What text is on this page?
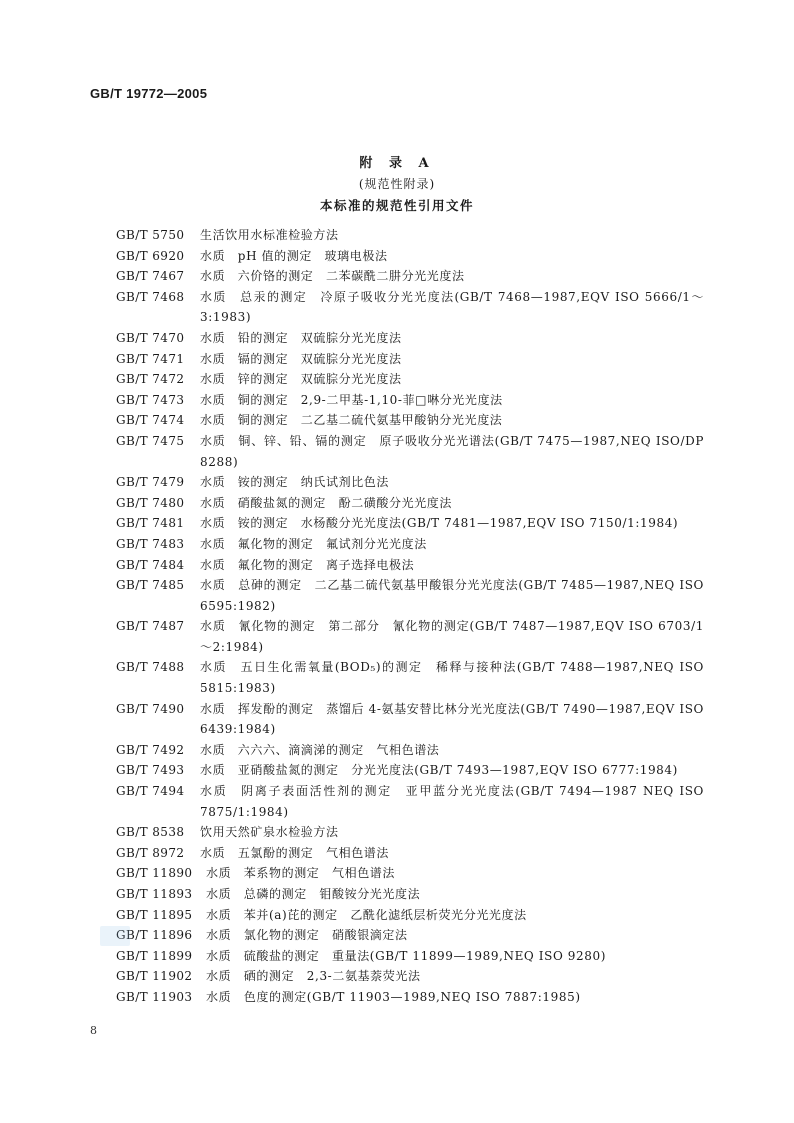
GB/T 19772—2005
附 录 A
(规范性附录)
本标准的规范性引用文件
GB/T 5750	生活饮用水标准检验方法
GB/T 6920	水质　pH 值的测定　玻璃电极法
GB/T 7467	水质　六价铬的测定　二苯碳酰二肼分光光度法
GB/T 7468	水质　总汞的测定　冷原子吸收分光光度法(GB/T 7468—1987,EQV ISO 5666/1～3:1983)
GB/T 7470	水质　铅的测定　双硫腙分光光度法
GB/T 7471	水质　镉的测定　双硫腙分光光度法
GB/T 7472	水质　锌的测定　双硫腙分光光度法
GB/T 7473	水质　铜的测定　2,9-二甲基-1,10-菲□啉分光光度法
GB/T 7474	水质　铜的测定　二乙基二硫代氨基甲酸钠分光光度法
GB/T 7475	水质　铜、锌、铅、镉的测定　原子吸收分光光谱法(GB/T 7475—1987,NEQ ISO/DP 8288)
GB/T 7479	水质　铵的测定　纳氏试剂比色法
GB/T 7480	水质　硝酸盐氮的测定　酚二磺酸分光光度法
GB/T 7481	水质　铵的测定　水杨酸分光光度法(GB/T 7481—1987,EQV ISO 7150/1:1984)
GB/T 7483	水质　氟化物的测定　氟试剂分光光度法
GB/T 7484	水质　氟化物的测定　离子选择电极法
GB/T 7485	水质　总砷的测定　二乙基二硫代氨基甲酸银分光光度法(GB/T 7485—1987,NEQ ISO 6595:1982)
GB/T 7487	水质　氰化物的测定　第二部分　氰化物的测定(GB/T 7487—1987,EQV ISO 6703/1～2:1984)
GB/T 7488	水质　五日生化需氧量(BOD₅)的测定　稀释与接种法(GB/T 7488—1987,NEQ ISO 5815:1983)
GB/T 7490	水质　挥发酚的测定　蒸馏后 4-氨基安替比林分光光度法(GB/T 7490—1987,EQV ISO 6439:1984)
GB/T 7492	水质　六六六、滴滴涕的测定　气相色谱法
GB/T 7493	水质　亚硝酸盐氮的测定　分光光度法(GB/T 7493—1987,EQV ISO 6777:1984)
GB/T 7494	水质　阴离子表面活性剂的测定　亚甲蓝分光光度法(GB/T 7494—1987 NEQ ISO 7875/1:1984)
GB/T 8538	饮用天然矿泉水检验方法
GB/T 8972	水质　五氯酚的测定　气相色谱法
GB/T 11890	水质　苯系物的测定　气相色谱法
GB/T 11893	水质　总磷的测定　钼酸铵分光光度法
GB/T 11895	水质　苯并(a)芘的测定　乙酰化滤纸层析荧光分光光度法
GB/T 11896	水质　氯化物的测定　硝酸银滴定法
GB/T 11899	水质　硫酸盐的测定　重量法(GB/T 11899—1989,NEQ ISO 9280)
GB/T 11902	水质　硒的测定　2,3-二氨基萘荧光法
GB/T 11903	水质　色度的测定(GB/T 11903—1989,NEQ ISO 7887:1985)
8
